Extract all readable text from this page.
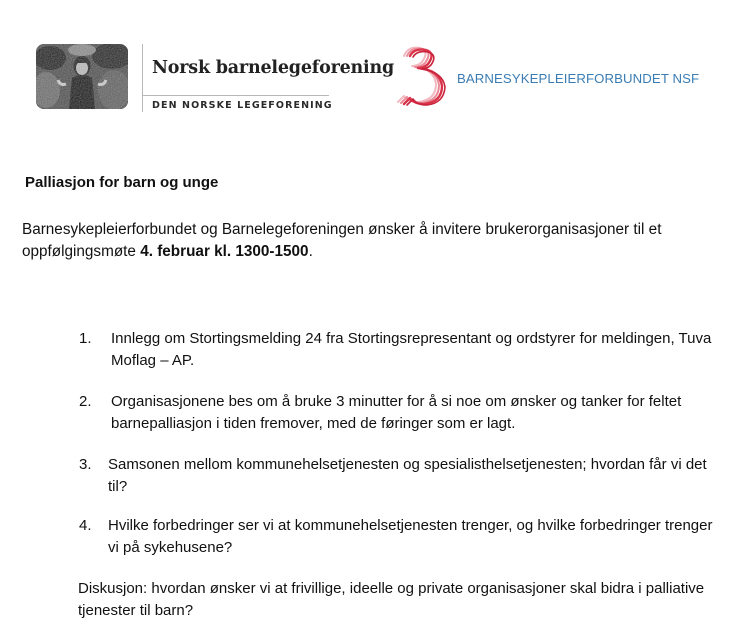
Norsk barnelegeforening
DEN NORSKE LEGEFORENING
BARNESYKEPLEIERFORBUNDET NSF
Palliasjon for barn og unge

Barnesykepleierforbundet og Barnelegeforeningen ønsker å invitere brukerorganisasjoner til et oppfølgingsmøte 4. februar kl. 1300-1500.

1. Innlegg om Stortingsmelding 24 fra Stortingsrepresentant og ordstyrer for meldingen, Tuva Moflag – AP.
2. Organisasjonene bes om å bruke 3 minutter for å si noe om ønsker og tanker for feltet barnepalliasjon i tiden fremover, med de føringer som er lagt.
3. Samsonen mellom kommunehelsetjenesten og spesialisthelsetjenesten; hvordan får vi det til?
4. Hvilke forbedringer ser vi at kommunehelsetjenesten trenger, og hvilke forbedringer trenger vi på sykehusene?

Diskusjon: hvordan ønsker vi at frivillige, ideelle og private organisasjoner skal bidra i palliative tjenester til barn?
